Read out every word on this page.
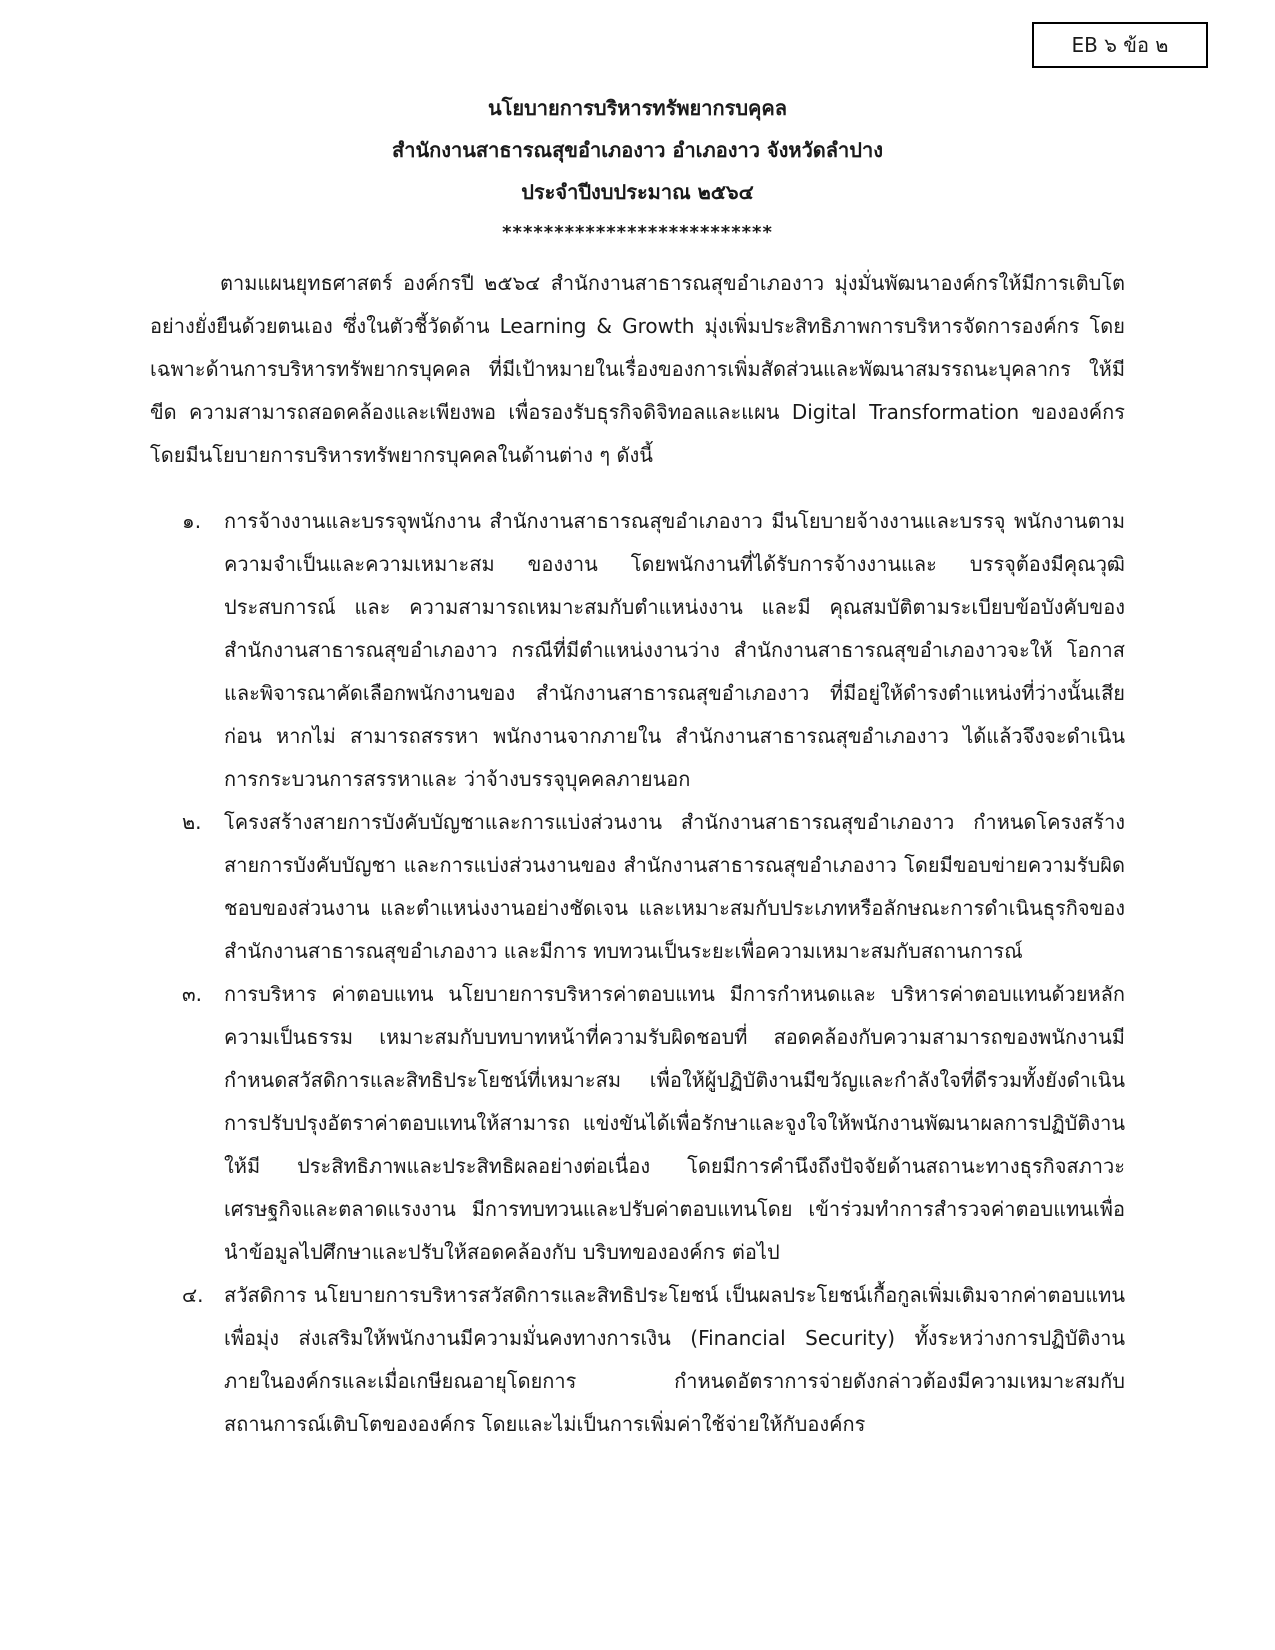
EB ๖ ข้อ ๒
นโยบายการบริหารทรัพยากรบคุคล
สำนักงานสาธารณสุขอำเภองาว อำเภองาว จังหวัดลำปาง
ประจำปีงบประมาณ ๒๕๖๔
**************************

ตามแผนยุทธศาสตร์ องค์กรปี ๒๕๖๔ สำนักงานสาธารณสุขอำเภองาว มุ่งมั่นพัฒนาองค์กรให้มีการเติบโตอย่างยั่งยืนด้วยตนเอง ซึ่งในตัวชี้วัดด้าน Learning & Growth มุ่งเพิ่มประสิทธิภาพการบริหารจัดการองค์กร โดยเฉพาะด้านการบริหารทรัพยากรบุคคล ที่มีเป้าหมายในเรื่องของการเพิ่มสัดส่วนและพัฒนาสมรรถนะบุคลากร ให้มีขีด ความสามารถสอดคล้องและเพียงพอ เพื่อรองรับธุรกิจดิจิทอลและแผน Digital Transformation ขององค์กร โดยมีนโยบายการบริหารทรัพยากรบุคคลในด้านต่าง ๆ ดังนี้

๑. การจ้างงานและบรรจุพนักงาน สำนักงานสาธารณสุขอำเภองาว มีนโยบายจ้างงานและบรรจุ พนักงานตามความจำเป็นและความเหมาะสม ของงาน โดยพนักงานที่ได้รับการจ้างงานและ บรรจุต้องมีคุณวุฒิประสบการณ์ และ ความสามารถเหมาะสมกับตำแหน่งงาน และมี คุณสมบัติตามระเบียบข้อบังคับของ สำนักงานสาธารณสุขอำเภองาว กรณีที่มีตำแหน่งงานว่าง สำนักงานสาธารณสุขอำเภองาวจะให้ โอกาส และพิจารณาคัดเลือกพนักงานของ สำนักงานสาธารณสุขอำเภองาว ที่มีอยู่ให้ดำรงตำแหน่งที่ว่างนั้นเสียก่อน หากไม่ สามารถสรรหา พนักงานจากภายใน สำนักงานสาธารณสุขอำเภองาว ได้แล้วจึงจะดำเนินการกระบวนการสรรหาและ ว่าจ้างบรรจุบุคคลภายนอก
๒. โครงสร้างสายการบังคับบัญชาและการแบ่งส่วนงาน สำนักงานสาธารณสุขอำเภองาว กำหนดโครงสร้างสายการบังคับบัญชา และการแบ่งส่วนงานของ สำนักงานสาธารณสุขอำเภองาว โดยมีขอบข่ายความรับผิดชอบของส่วนงาน และตำแหน่งงานอย่างชัดเจน และเหมาะสมกับประเภทหรือลักษณะการดำเนินธุรกิจของ สำนักงานสาธารณสุขอำเภองาว และมีการ ทบทวนเป็นระยะเพื่อความเหมาะสมกับสถานการณ์
๓. การบริหาร ค่าตอบแทน นโยบายการบริหารค่าตอบแทน มีการกำหนดและ บริหารค่าตอบแทนด้วยหลักความเป็นธรรม เหมาะสมกับบทบาทหน้าที่ความรับผิดชอบที่ สอดคล้องกับความสามารถของพนักงานมีกำหนดสวัสดิการและสิทธิประโยชน์ที่เหมาะสม เพื่อให้ผู้ปฏิบัติงานมีขวัญและกำลังใจที่ดีรวมทั้งยังดำเนินการปรับปรุงอัตราค่าตอบแทนให้สามารถ แข่งขันได้เพื่อรักษาและจูงใจให้พนักงานพัฒนาผลการปฏิบัติงานให้มี ประสิทธิภาพและประสิทธิผลอย่างต่อเนื่อง โดยมีการคำนึงถึงปัจจัยด้านสถานะทางธุรกิจสภาวะเศรษฐกิจและตลาดแรงงาน มีการทบทวนและปรับค่าตอบแทนโดย เข้าร่วมทำการสำรวจค่าตอบแทนเพื่อนำข้อมูลไปศึกษาและปรับให้สอดคล้องกับ บริบทขององค์กร ต่อไป
๔. สวัสดิการ นโยบายการบริหารสวัสดิการและสิทธิประโยชน์ เป็นผลประโยชน์เกื้อกูลเพิ่มเติมจากค่าตอบแทน เพื่อมุ่ง ส่งเสริมให้พนักงานมีความมั่นคงทางการเงิน (Financial Security) ทั้งระหว่างการปฏิบัติงานภายในองค์กรและเมื่อเกษียณอายุโดยการ กำหนดอัตราการจ่ายดังกล่าวต้องมีความเหมาะสมกับสถานการณ์เติบโตขององค์กร โดยและไม่เป็นการเพิ่มค่าใช้จ่ายให้กับองค์กร
